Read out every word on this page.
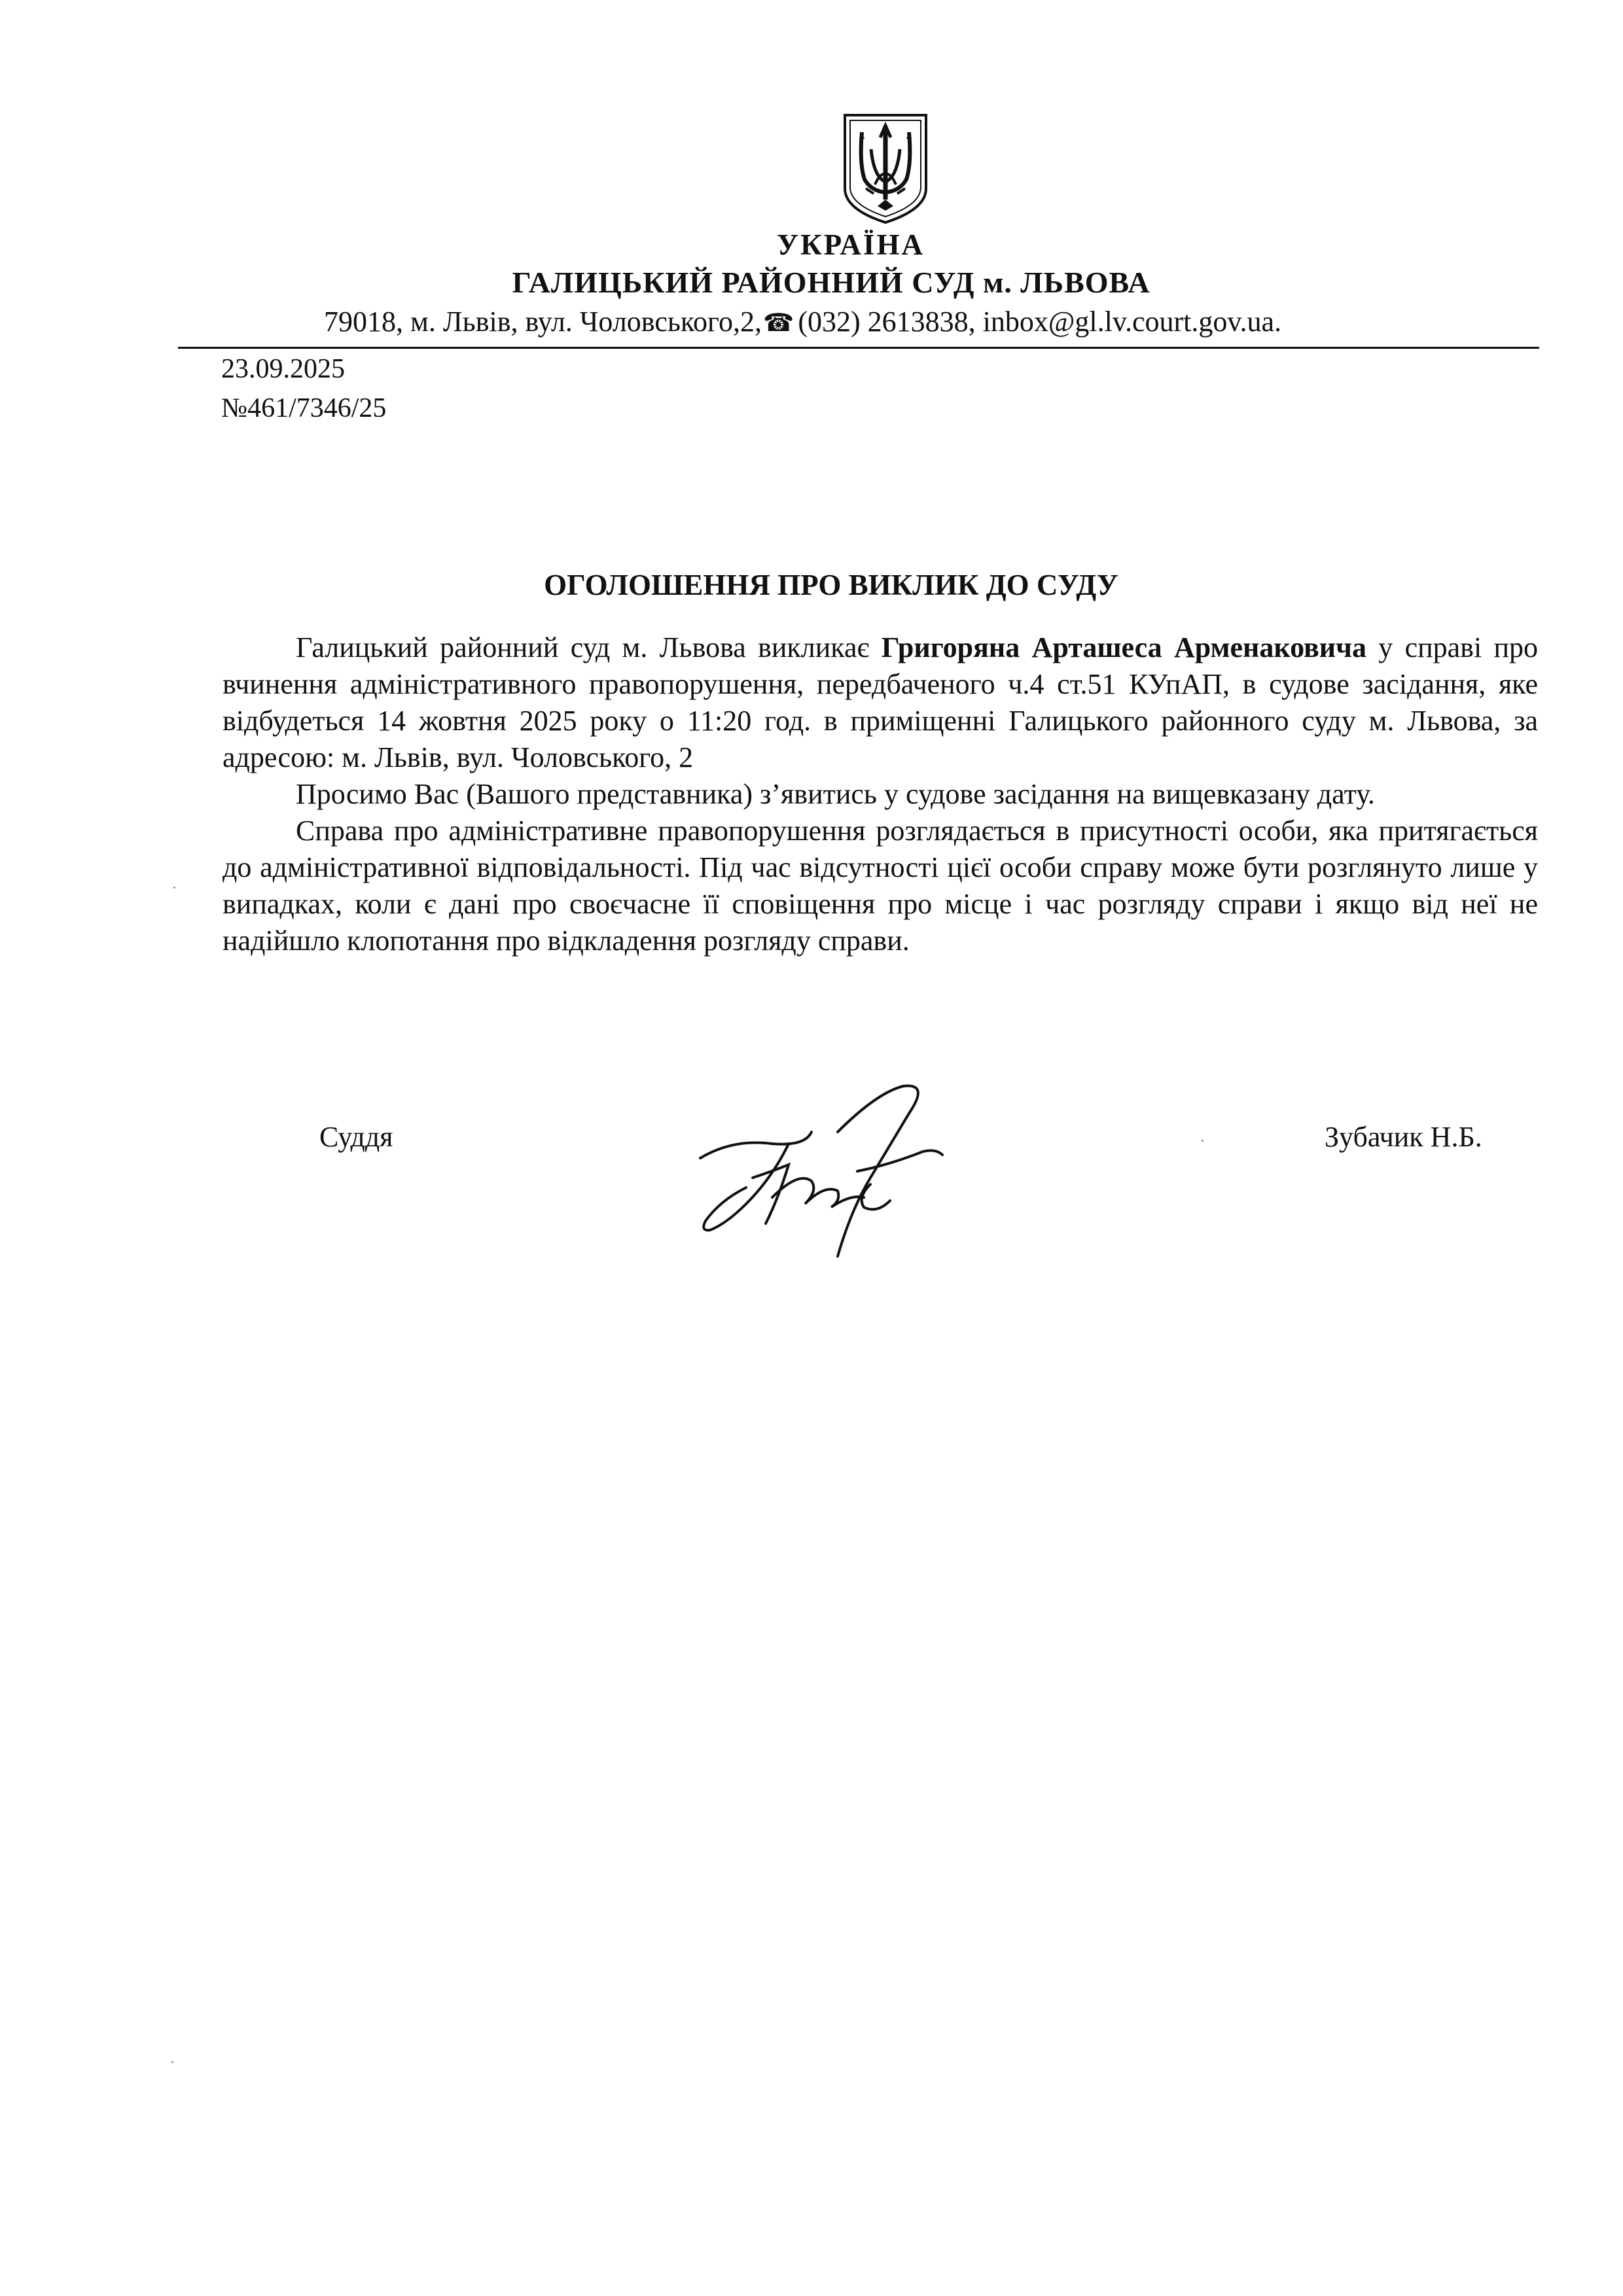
УКРАЇНА
ГАЛИЦЬКИЙ РАЙОННИЙ СУД м. ЛЬВОВА
79018, м. Львів, вул. Чоловського,2,☎ (032) 2613838, inbox@gl.lv.court.gov.ua.
23.09.2025
№461/7346/25
ОГОЛОШЕННЯ ПРО ВИКЛИК ДО СУДУ

Галицький районний суд м. Львова викликає Григоряна Арташеса Арменаковича у справі про вчинення адміністративного правопорушення, передбаченого ч.4 ст.51 КУпАП, в судове засідання, яке відбудеться 14 жовтня 2025 року о 11:20 год. в приміщенні Галицького районного суду м. Львова, за адресою: м. Львів, вул. Чоловського, 2

Просимо Вас (Вашого представника) з’явитись у судове засідання на вищевказану дату.

Справа про адміністративне правопорушення розглядається в присутності особи, яка притягається до адміністративної відповідальності. Під час відсутності цієї особи справу може бути розглянуто лише у випадках, коли є дані про своєчасне її сповіщення про місце і час розгляду справи і якщо від неї не надійшло клопотання про відкладення розгляду справи.

Суддя	Зубачик Н.Б.
